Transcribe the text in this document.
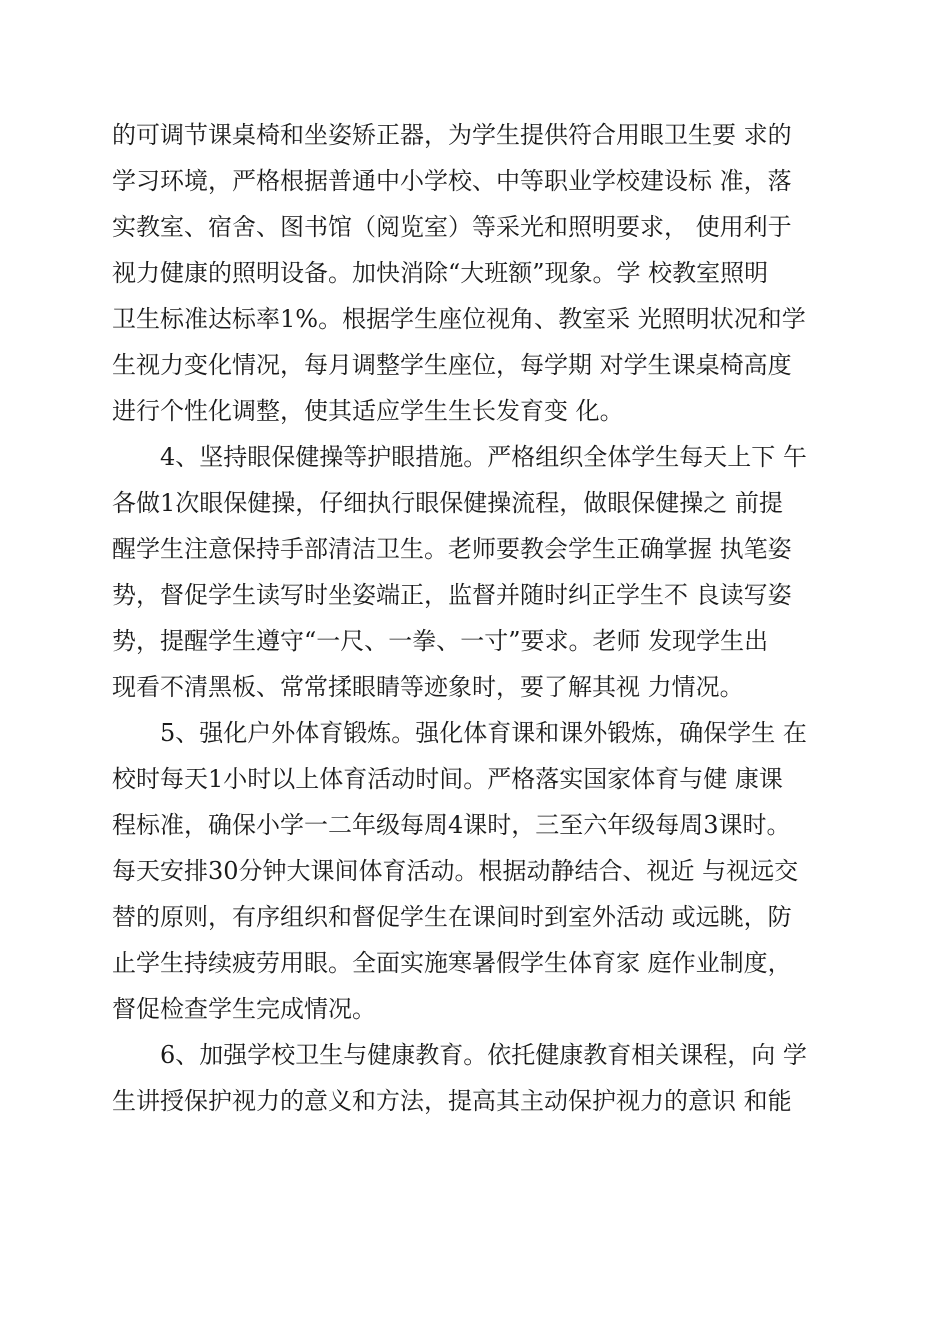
的可调节课桌椅和坐姿矫正器，为学生提供符合用眼卫生要 求的
学习环境，严格根据普通中小学校、中等职业学校建设标 准，落
实教室、宿舍、图书馆（阅览室）等采光和照明要求， 使用利于
视力健康的照明设备。加快消除“大班额”现象。学 校教室照明
卫生标准达标率1%。根据学生座位视角、教室采 光照明状况和学
生视力变化情况，每月调整学生座位，每学期 对学生课桌椅高度
进行个性化调整，使其适应学生生长发育变 化。
4、坚持眼保健操等护眼措施。严格组织全体学生每天上下 午
各做1次眼保健操，仔细执行眼保健操流程，做眼保健操之 前提
醒学生注意保持手部清洁卫生。老师要教会学生正确掌握 执笔姿
势，督促学生读写时坐姿端正，监督并随时纠正学生不 良读写姿
势，提醒学生遵守“一尺、一拳、一寸”要求。老师 发现学生出
现看不清黑板、常常揉眼睛等迹象时，要了解其视 力情况。
5、强化户外体育锻炼。强化体育课和课外锻炼，确保学生 在
校时每天1小时以上体育活动时间。严格落实国家体育与健 康课
程标准，确保小学一二年级每周4课时，三至六年级每周3课时。
每天安排30分钟大课间体育活动。根据动静结合、视近 与视远交
替的原则，有序组织和督促学生在课间时到室外活动 或远眺，防
止学生持续疲劳用眼。全面实施寒暑假学生体育家 庭作业制度，
督促检查学生完成情况。
6、加强学校卫生与健康教育。依托健康教育相关课程，向 学
生讲授保护视力的意义和方法，提高其主动保护视力的意识 和能
